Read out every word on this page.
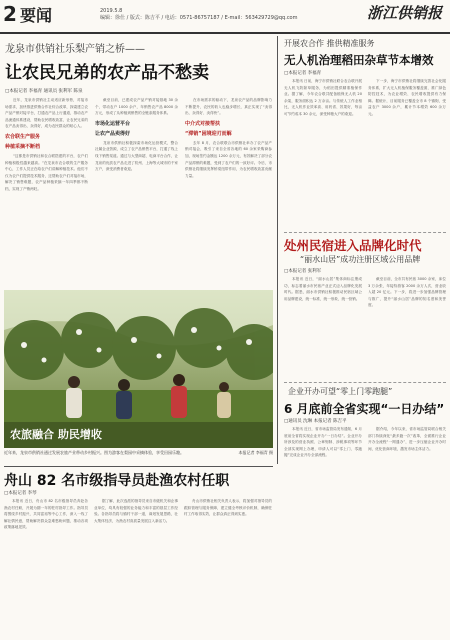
2 要闻	2019.5.8
编辑：徐仕 / 版式：陈吉平 / 电话：0571-86757187 / E-mail：563429729@qq.com	浙江供销报
龙泉市供销社乐梨产销之桥——
让农民兄弟的农产品不愁卖
□本报记者 李福青 通讯员 张利军 陈泉

近年，龙泉市供销社主动适应新形势，对接市场需求，加快推进供销合作社综合改革，探索建立农产品产销对接平台，打通农产品上行通道，推动农产品流通体系建设，帮助农民增收致富，让农民兄弟的农产品卖得出、卖得好，成为农民群众的贴心人。

农合联生产服务
种植采摘不断档

“这都是市供销社和农合联搭建的平台，农户们种植积极性越来越高。”在龙泉市农合联的生产服务中心，工作人员正在给农户们讲解种植技术。他们不仅为农户们提供技术服务，还帮助农户们对接市场，解决了销售难题，农产品种植采摘一年四季都不断档，实现了产销两旺。

截至目前，已建成农产品产销对接基地 30 余个，带动农户 1000 余户，年销售农产品 8000 余万元，形成了从种植到销售的全链条服务体系。

市场化运营平台
让农产品卖得好

龙泉市供销社积极探索市场化运营模式，整合社属企业资源，成立了农产品销售平台，打通了线上线下销售渠道。通过与大型商超、电商平台合作，让龙泉的优质农产品走进了杭州、上海等大城市的千家万户，深受消费者欢迎。

在市场需求的驱动下，龙泉农产品的品牌影响力不断提升，农民的收入也稳步增长，真正实现了“卖得出、卖得好、卖得快”。

中介式对接帮扶
“滞销”困境迎刃而解

去年 8 月，农合联联合市供销社举办了农产品产销对接会，吸引了来自全省各地的 60 余家采购商参加，现场签约金额达 1200 余万元，有效解决了部分农产品滞销的难题，受到了农户们的一致好评。今后，市供销社将继续发挥桥梁纽带作用，为农民增收致富贡献力量。

农旅融合 助民增收
近年来，龙泉市供销社通过发展农旅产业带动乡村振兴。图为游客在梨园中采摘体验，享受田园乐趣。	本报记者 李福青 摄
开展农合作 推供精准服务
无人机治理稻田杂草节本增效
□本报记者 李福青

本报讯 日前，海宁市供销社联合农合联开展无人机飞防除草服务，为稻田提供精准植保作业。据了解，今年农合联共配备植保无人机 20 余架，服务面积达 2 万余亩。与传统人工作业相比，无人机作业效率高、用药省、效果好，每亩可节约成本 30 余元，深受种粮大户的欢迎。

下一步，海宁市供销社将继续完善社会化服务体系，扩大无人机植保服务覆盖面，推广绿色防控技术，为农业增效、农民增收提供有力保障。据统计，目前服务已覆盖全市 8 个镇街，受益农户 3000 余户，累计节本增效 600 余万元。

处州民宿进入品牌化时代
“丽水山居”成功注册区域公用品牌
□本报记者 张利军

本报讯 近日，“丽水山居”集体商标注册成功，标志着丽水市民宿产业正式迈入品牌化发展时代。据悉，丽水市供销社积极推动民宿区域公用品牌建设，统一标准，统一形象，统一营销。

截至目前，全市共有民宿 3000 余家，床位 3 万余张，年接待游客 2000 余万人次，营业收入超 20 亿元。下一步，将进一步加强品牌管理与推广，提升“丽水山居”品牌的知名度和美誉度。

企业开办可望“零上门零跑腿”
6 月底前全省实现“一日办结”
□通讯员 沈琳 本报记者 陈吉平

本报讯 近日，省市场监管局发布通知，6 月底前全省将实现企业开办“一日办结”。企业开办所涉及的营业执照、公章刻制、涉税事项等环节全部实现网上办理，申请人可以“零上门、零跑腿”完成企业开办全部流程。

据介绍，今年以来，省市场监管局联合相关部门持续深化“最多跑一次”改革，全面推行企业开办全流程“一网通办”，进一步压缩企业开办时间，优化营商环境，激发市场主体活力。

舟山 82 名市级指导员赴渔农村任职
□本报记者 李琴

本报讯 近日，舟山市 82 名市级指导员奔赴各渔农村任职，开展为期一年的驻村指导工作。指导员将围绕乡村振兴、共同富裕等中心工作，深入一线了解社情民意，帮助解决群众急难愁盼问题，推动各项政策落地见效。

据了解，此次选派的指导员来自市级机关和企事业单位，均具有较强的业务能力和丰富的基层工作经验。各指导员将与镇村干部一道，谋划发展思路，壮大集体经济，为渔农村高质量发展注入新活力。

舟山市供销社相关负责人表示，将加强对指导员的跟踪管理与服务保障，建立健全考核评价机制，确保驻村工作取得实效，让群众真正得到实惠。
